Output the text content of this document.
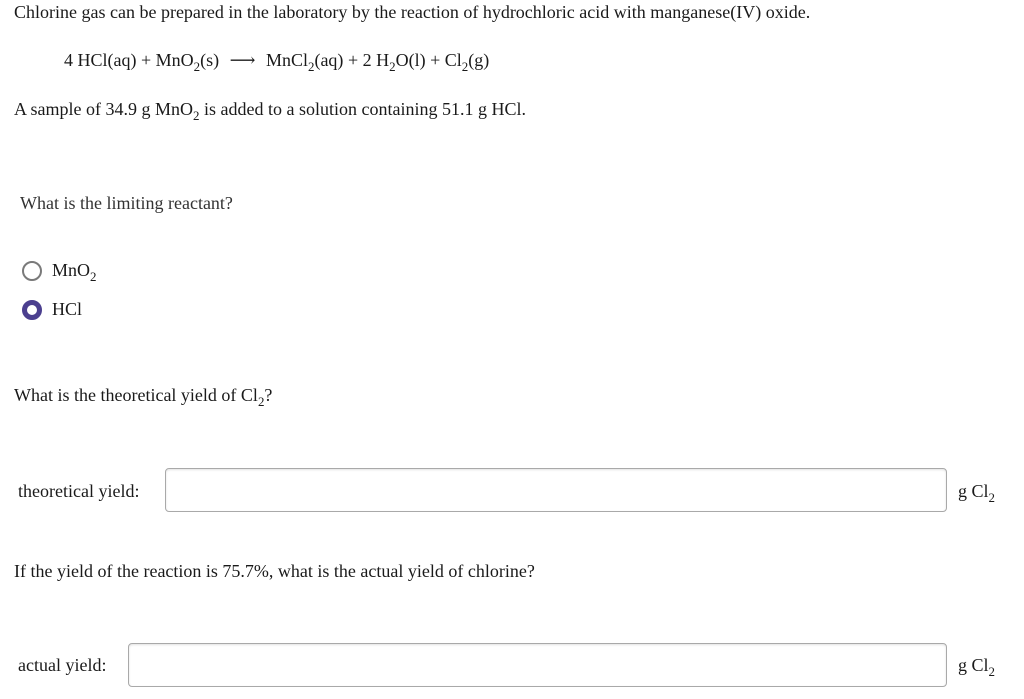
Chlorine gas can be prepared in the laboratory by the reaction of hydrochloric acid with manganese(IV) oxide.
4 HCl(aq) + MnO$_2$(s) ⟶ MnCl$_2$(aq) + 2 $H_2O(l) + Cl_2(g)$
A sample of 34.9 g MnO$_2$ is added to a solution containing 51.1 g HCl.
What is the limiting reactant?
MnO$_2$
HCl
What is the theoretical yield of $Cl_2$?
theoretical yield:	g $Cl_2$
If the yield of the reaction is 75.7%, what is the actual yield of chlorine?
actual yield:	g $Cl_2$
